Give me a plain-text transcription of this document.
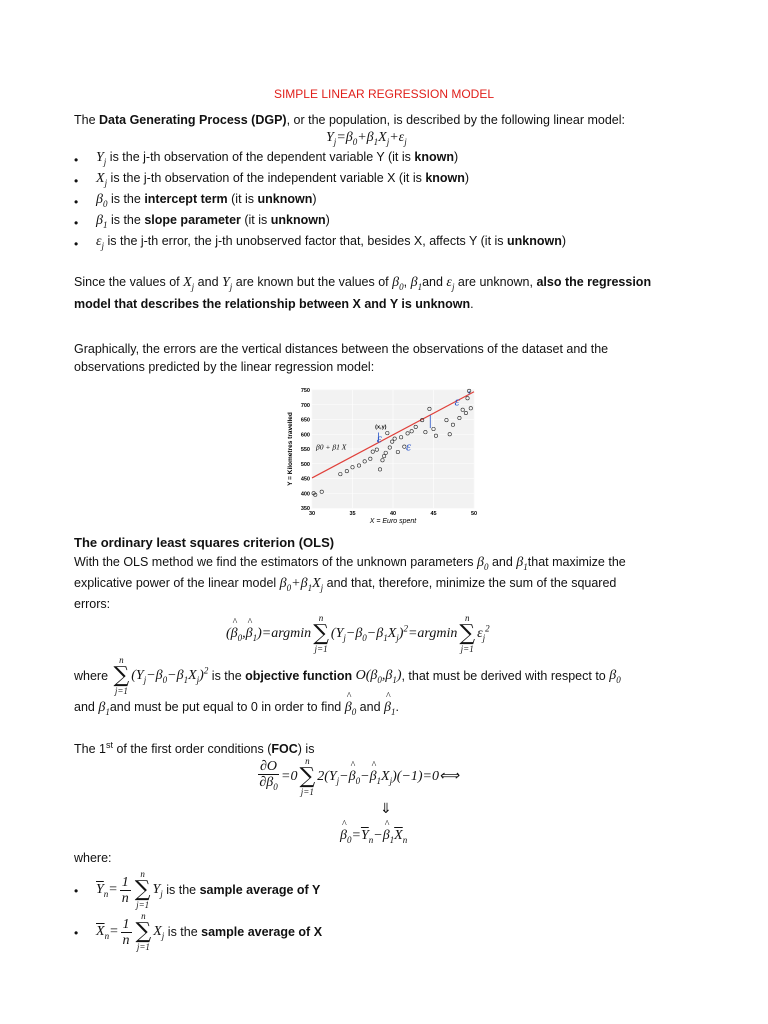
SIMPLE LINEAR REGRESSION MODEL
The Data Generating Process (DGP), or the population, is described by the following linear model:
$Y_j=\beta_0+\beta_1X_j+\varepsilon_j$
• $Y_j$ is the j-th observation of the dependent variable Y (it is known)
• $X_j$ is the j-th observation of the independent variable X (it is known)
• $\beta_0$ is the intercept term (it is unknown)
• $\beta_1$ is the slope parameter (it is unknown)
• $\varepsilon_j$ is the j-th error, the j-th unobserved factor that, besides X, affects Y (it is unknown)
Since the values of $X_j$ and $Y_j$ are known but the values of $\beta_0$, $\beta_1and$ $\varepsilon_j$ are unknown, also the regression
model that describes the relationship between X and Y is unknown.
Graphically, the errors are the vertical distances between the observations of the dataset and the
observations predicted by the linear regression model:
350
400
450
500
550
600
650
700
750
30	35	40	45	50
Y = Kilometres travelled
X = Euro spent
β0 + β1 X
(x,y)
ε
ε
ε
The ordinary least squares criterion (OLS)
With the OLS method we find the estimators of the unknown parameters $\beta_0$ and $\beta_1that$ maximize the
explicative power of the linear model $\beta_0+\beta_1X_j$ and that, therefore, minimize the sum of the squared
errors:
(^ $\beta_0,\^{}$ $\beta_1)=argmin$
n
∑
j=1
$(Y_j-\beta_0-\beta_1X_j)^2=argmin$
n
∑
j=1
$\varepsilon_j^2$
where
n
∑
j=1
$(Y_j-\beta_0-\beta_1X_j)^2$ is the objective function $O(\beta_0,\beta_1)$, that must be derived with respect to $\beta_0$
and $\beta_1and$ must be put equal to 0 in order to find ^ $\beta_0$ and ^ $\beta_1$.
The 1st of the first order conditions (FOC) is
$\frac{\partial O}{\partial\beta_0} =0$
n
∑
j=1
$2(Y_j-\^{}$ $\beta_0-\^{}$ $\beta_1X_j)(-1)=0⟺$
⇓
^ $\beta_0=\overline{Y}_n-\^{}$ $\beta_1\overline{X}_n$
where:
• $\overline{Y}_n= \frac{1}{n}$
n
∑
j=1
$Y_j$ is the sample average of Y
• $\overline{X}_n= \frac{1}{n}$
n
∑
j=1
$X_j$ is the sample average of X
